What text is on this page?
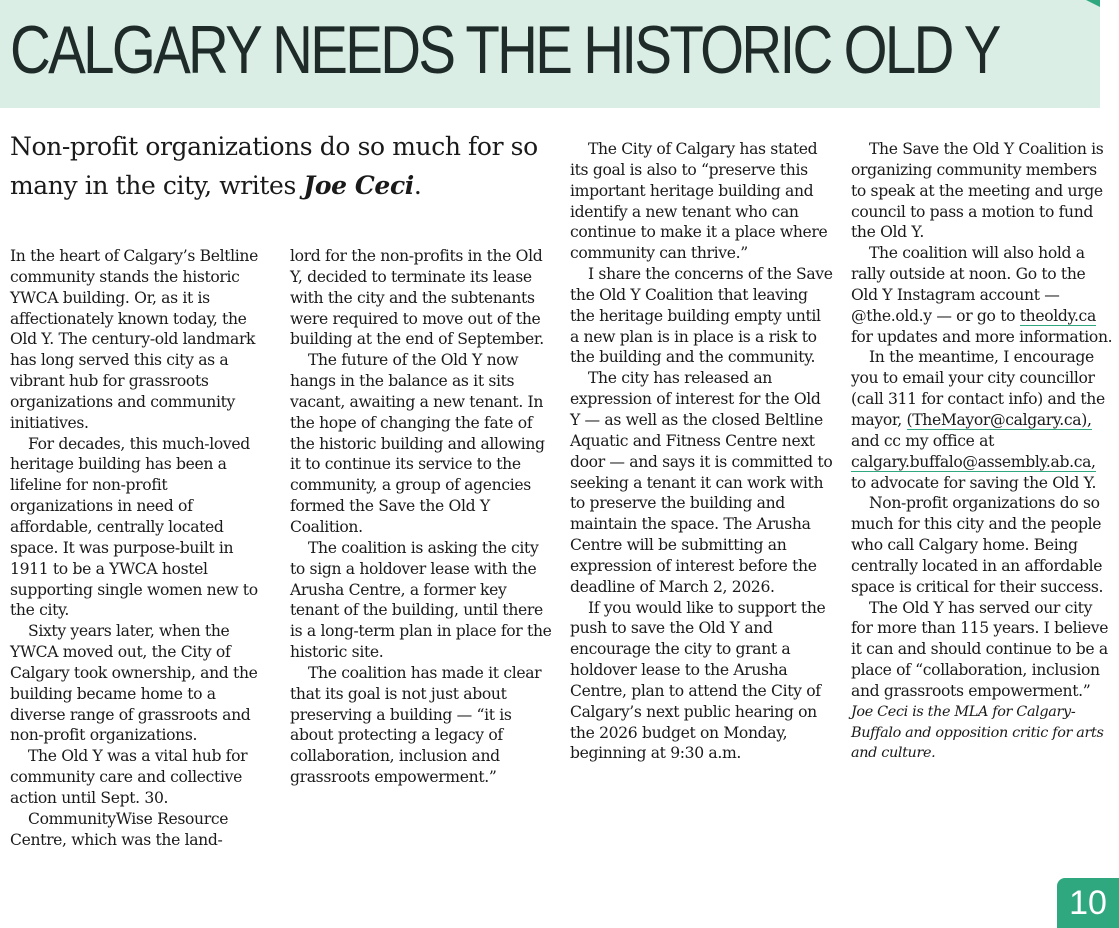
CALGARY NEEDS THE HISTORIC OLD Y
Non-profit organizations do so much for so many in the city, writes Joe Ceci.

In the heart of Calgary’s Beltline community stands the historic YWCA building. Or, as it is affectionately known today, the Old Y. The century-old landmark has long served this city as a vibrant hub for grassroots organizations and community initiatives.

For decades, this much-loved heritage building has been a lifeline for non-profit organizations in need of affordable, centrally located space. It was purpose-built in 1911 to be a YWCA hostel supporting single women new to the city.

Sixty years later, when the YWCA moved out, the City of Calgary took ownership, and the building became home to a diverse range of grassroots and non-profit organizations.

The Old Y was a vital hub for community care and collective action until Sept. 30.

CommunityWise Resource Centre, which was the land-

lord for the non-profits in the Old Y, decided to terminate its lease with the city and the subtenants were required to move out of the building at the end of September.

The future of the Old Y now hangs in the balance as it sits vacant, awaiting a new tenant. In the hope of changing the fate of the historic building and allowing it to continue its service to the community, a group of agencies formed the Save the Old Y Coalition.

The coalition is asking the city to sign a holdover lease with the Arusha Centre, a former key tenant of the building, until there is a long-term plan in place for the historic site.

The coalition has made it clear that its goal is not just about preserving a building — “it is about protecting a legacy of collaboration, inclusion and grassroots empowerment.”

The City of Calgary has stated its goal is also to “preserve this important heritage building and identify a new tenant who can continue to make it a place where community can thrive.”

I share the concerns of the Save the Old Y Coalition that leaving the heritage building empty until a new plan is in place is a risk to the building and the community.

The city has released an expression of interest for the Old Y — as well as the closed Beltline Aquatic and Fitness Centre next door — and says it is committed to seeking a tenant it can work with to preserve the building and maintain the space. The Arusha Centre will be submitting an expression of interest before the deadline of March 2, 2026.

If you would like to support the push to save the Old Y and encourage the city to grant a holdover lease to the Arusha Centre, plan to attend the City of Calgary’s next public hearing on the 2026 budget on Monday, beginning at 9:30 a.m.

The Save the Old Y Coalition is organizing community members to speak at the meeting and urge council to pass a motion to fund the Old Y.

The coalition will also hold a rally outside at noon. Go to the Old Y Instagram account — @the.old.y — or go to theoldy.ca for updates and more information.

In the meantime, I encourage you to email your city councillor (call 311 for contact info) and the mayor, (TheMayor@calgary.ca), and cc my office at calgary.buffalo@assembly.ab.ca, to advocate for saving the Old Y.

Non-profit organizations do so much for this city and the people who call Calgary home. Being centrally located in an affordable space is critical for their success.

The Old Y has served our city for more than 115 years. I believe it can and should continue to be a place of “collaboration, inclusion and grassroots empowerment.”

Joe Ceci is the MLA for Calgary-Buffalo and opposition critic for arts and culture.

10
